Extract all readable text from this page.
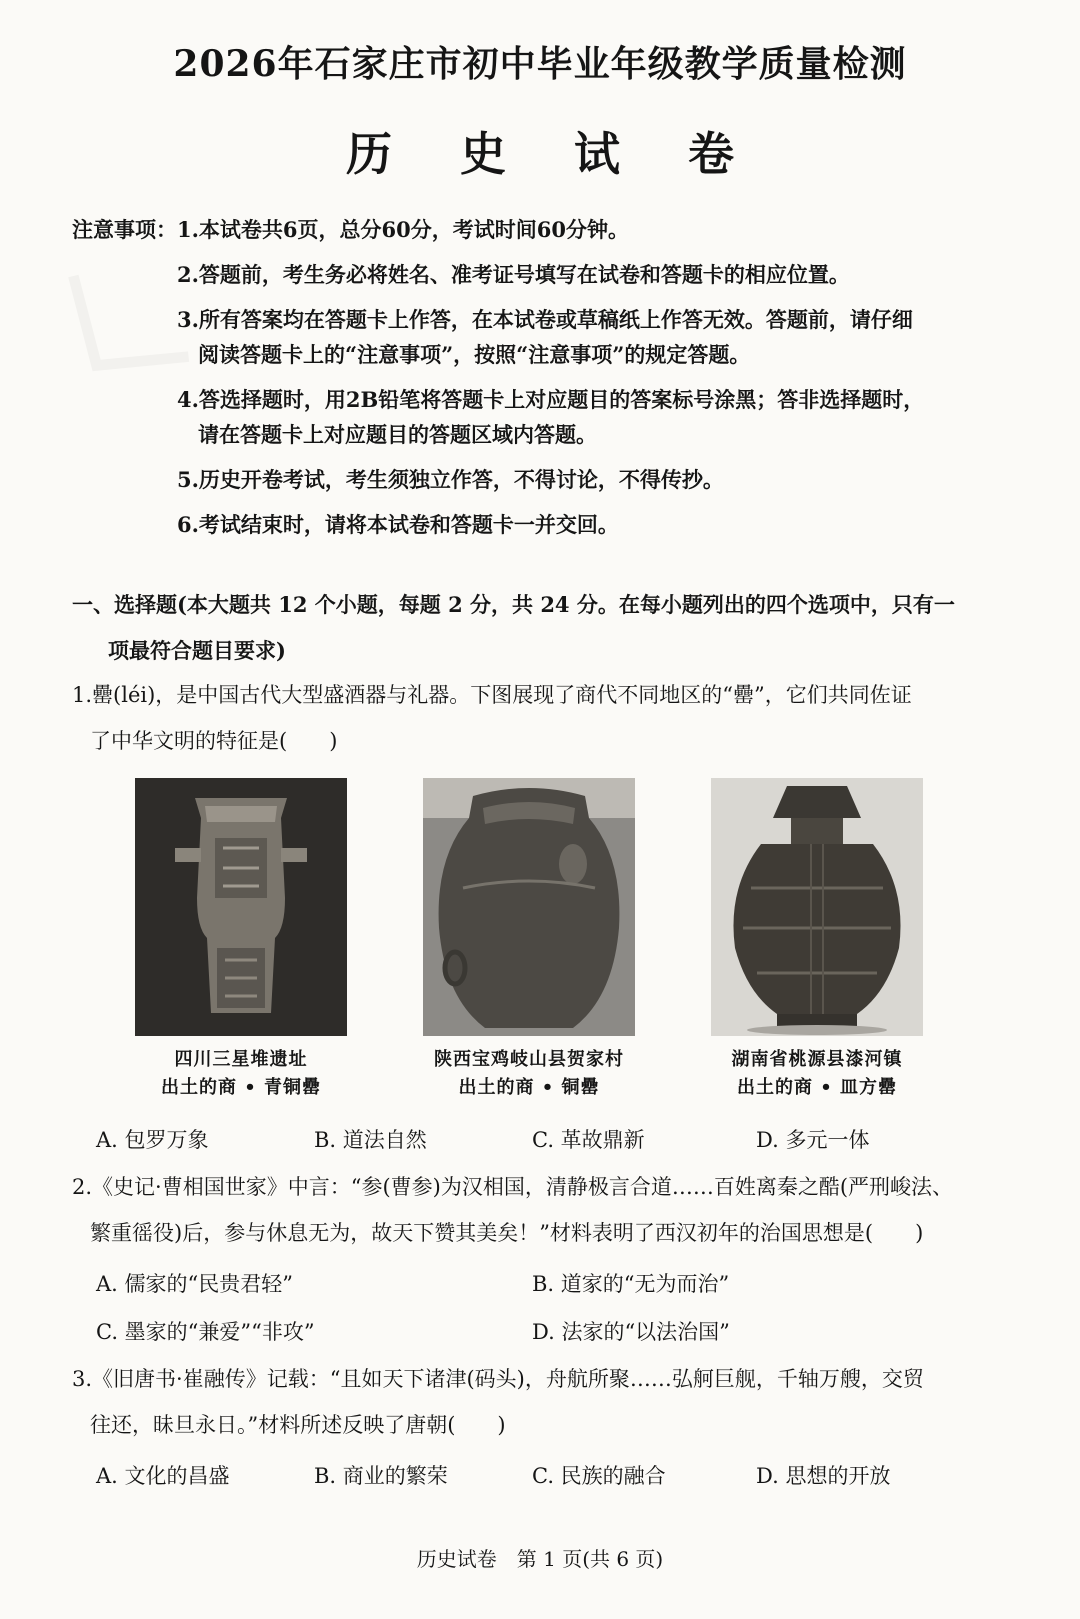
2026年石家庄市初中毕业年级教学质量检测
历 史 试 卷
注意事项： 1.本试卷共6页，总分60分，考试时间60分钟。
2.答题前，考生务必将姓名、准考证号填写在试卷和答题卡的相应位置。
3.所有答案均在答题卡上作答，在本试卷或草稿纸上作答无效。答题前，请仔细
阅读答题卡上的“注意事项”，按照“注意事项”的规定答题。
4.答选择题时，用2B铅笔将答题卡上对应题目的答案标号涂黑；答非选择题时，
请在答题卡上对应题目的答题区域内答题。
5.历史开卷考试，考生须独立作答，不得讨论，不得传抄。
6.考试结束时，请将本试卷和答题卡一并交回。
一、选择题(本大题共 12 个小题，每题 2 分，共 24 分。在每小题列出的四个选项中，只有一
项最符合题目要求)
1.罍(léi)，是中国古代大型盛酒器与礼器。下图展现了商代不同地区的“罍”，它们共同佐证
了中华文明的特征是(　　)
四川三星堆遗址
出土的商 • 青铜罍
陕西宝鸡岐山县贺家村
出土的商 • 铜罍
湖南省桃源县漆河镇
出土的商 • 皿方罍
A. 包罗万象	B. 道法自然	C. 革故鼎新	D. 多元一体
2.《史记·曹相国世家》中言：“参(曹参)为汉相国，清静极言合道……百姓离秦之酷(严刑峻法、
繁重徭役)后，参与休息无为，故天下赞其美矣！”材料表明了西汉初年的治国思想是(　　)
A. 儒家的“民贵君轻”	B. 道家的“无为而治”
C. 墨家的“兼爱”“非攻”	D. 法家的“以法治国”
3.《旧唐书·崔融传》记载：“且如天下诸津(码头)，舟航所聚……弘舸巨舰，千轴万艘，交贸
往还，昧旦永日。”材料所述反映了唐朝(　　)
A. 文化的昌盛	B. 商业的繁荣	C. 民族的融合	D. 思想的开放
历史试卷　第 1 页(共 6 页)
